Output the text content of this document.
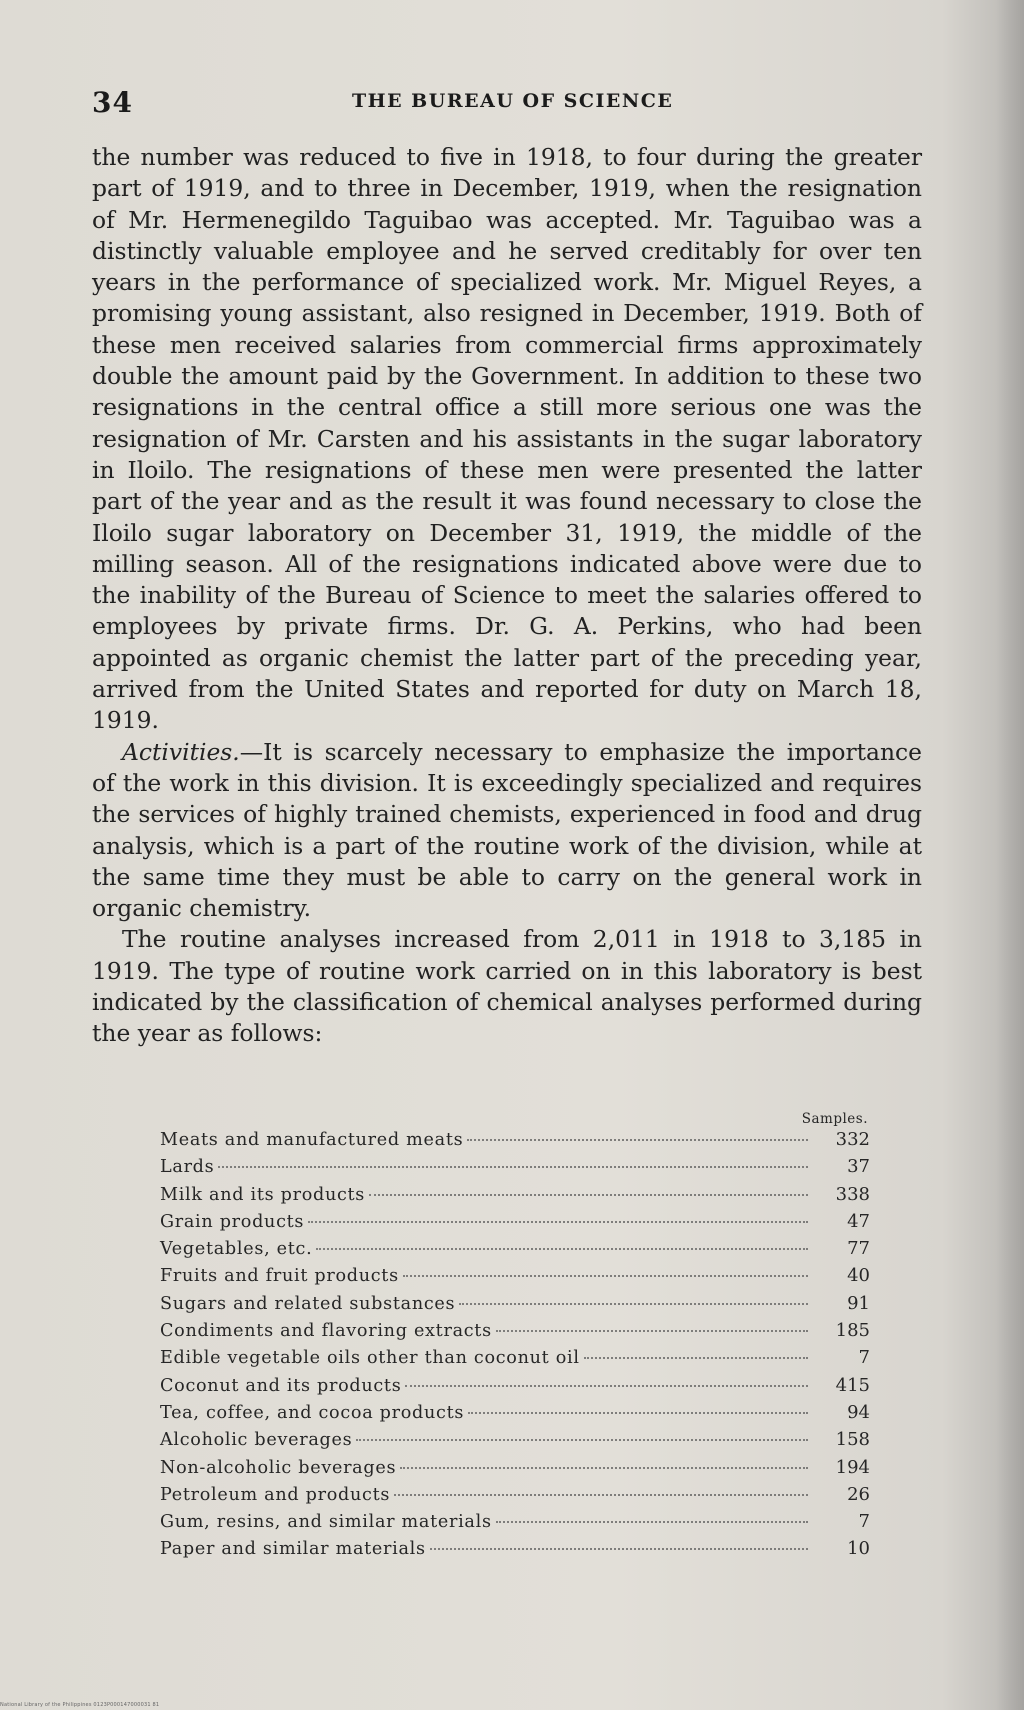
34	THE BUREAU OF SCIENCE

the number was reduced to five in 1918, to four during the greater part of 1919, and to three in December, 1919, when the resignation of Mr. Hermenegildo Taguibao was accepted. Mr. Taguibao was a distinctly valuable employee and he served creditably for over ten years in the performance of specialized work. Mr. Miguel Reyes, a promising young assistant, also resigned in December, 1919. Both of these men received salaries from commercial firms approximately double the amount paid by the Government. In addition to these two resignations in the central office a still more serious one was the resignation of Mr. Carsten and his assistants in the sugar laboratory in Iloilo. The resignations of these men were presented the latter part of the year and as the result it was found necessary to close the Iloilo sugar laboratory on December 31, 1919, the middle of the milling season. All of the resignations indicated above were due to the inability of the Bureau of Science to meet the salaries offered to employees by private firms. Dr. G. A. Perkins, who had been appointed as organic chemist the latter part of the preceding year, arrived from the United States and reported for duty on March 18, 1919.

Activities.—It is scarcely necessary to emphasize the importance of the work in this division. It is exceedingly specialized and requires the services of highly trained chemists, experienced in food and drug analysis, which is a part of the routine work of the division, while at the same time they must be able to carry on the general work in organic chemistry.

The routine analyses increased from 2,011 in 1918 to 3,185 in 1919. The type of routine work carried on in this laboratory is best indicated by the classification of chemical analyses performed during the year as follows:

Samples.
Meats and manufactured meats	332
Lards	37
Milk and its products	338
Grain products	47
Vegetables, etc.	77
Fruits and fruit products	40
Sugars and related substances	91
Condiments and flavoring extracts	185
Edible vegetable oils other than coconut oil	7
Coconut and its products	415
Tea, coffee, and cocoa products	94
Alcoholic beverages	158
Non-alcoholic beverages	194
Petroleum and products	26
Gum, resins, and similar materials	7
Paper and similar materials	10
National Library of the Philippines 0123P000147000031 81
